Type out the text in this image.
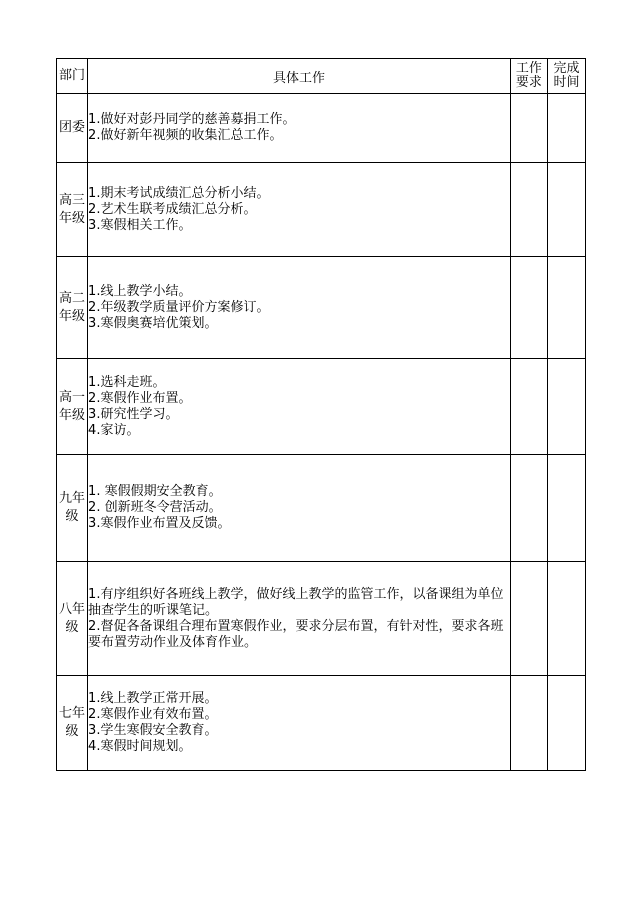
部门	具体工作	工作要求	完成时间
团委	1.做好对彭丹同学的慈善募捐工作。
2.做好新年视频的收集汇总工作。		

高三年级	1.期末考试成绩汇总分析小结。
2.艺术生联考成绩汇总分析。
3.寒假相关工作。		

高二年级	1.线上教学小结。
2.年级教学质量评价方案修订。
3.寒假奥赛培优策划。		

高一年级	1.选科走班。
2.寒假作业布置。
3.研究性学习。
4.家访。		

九年级	1. 寒假假期安全教育。
2. 创新班冬令营活动。
3.寒假作业布置及反馈。		

八年级	1.有序组织好各班线上教学，做好线上教学的监管工作，以备课组为单位抽查学生的听课笔记。
2.督促各备课组合理布置寒假作业，要求分层布置，有针对性，要求各班要布置劳动作业及体育作业。		

七年级	1.线上教学正常开展。
2.寒假作业有效布置。
3.学生寒假安全教育。
4.寒假时间规划。		
